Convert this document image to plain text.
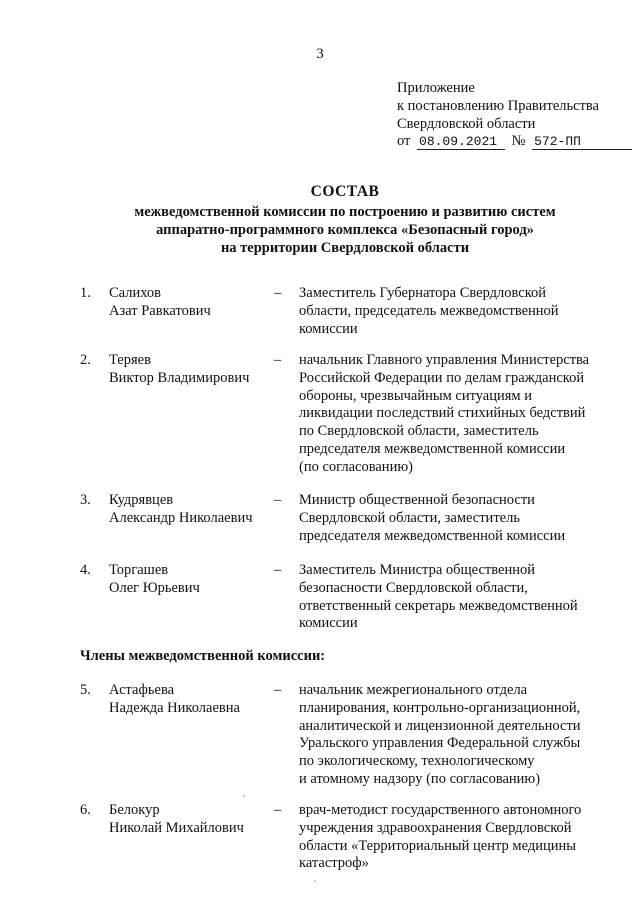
3
Приложение
к постановлению Правительства
Свердловской области
от 08.09.2021 № 572-ПП
СОСТАВ
межведомственной комиссии по построению и развитию систем
аппаратно-программного комплекса «Безопасный город»
на территории Свердловской области
1. Салихов
Азат Равкатович
– Заместитель Губернатора Свердловской
области, председатель межведомственной
комиссии
2. Теряев
Виктор Владимирович
– начальник Главного управления Министерства
Российской Федерации по делам гражданской
обороны, чрезвычайным ситуациям и
ликвидации последствий стихийных бедствий
по Свердловской области, заместитель
председателя межведомственной комиссии
(по согласованию)
3. Кудрявцев
Александр Николаевич
– Министр общественной безопасности
Свердловской области, заместитель
председателя межведомственной комиссии
4. Торгашев
Олег Юрьевич
– Заместитель Министра общественной
безопасности Свердловской области,
ответственный секретарь межведомственной
комиссии
5. Астафьева
Надежда Николаевна
– начальник межрегионального отдела
планирования, контрольно-организационной,
аналитической и лицензионной деятельности
Уральского управления Федеральной службы
по экологическому, технологическому
и атомному надзору (по согласованию)
6. Белокур
Николай Михайлович
– врач-методист государственного автономного
учреждения здравоохранения Свердловской
области «Территориальный центр медицины
катастроф»
Члены межведомственной комиссии:
